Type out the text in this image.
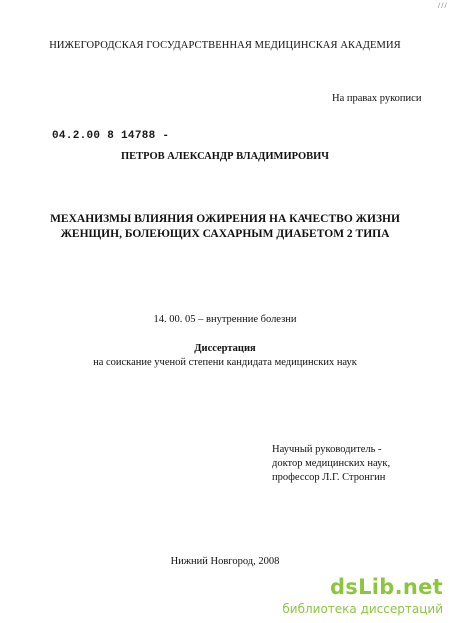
///
НИЖЕГОРОДСКАЯ ГОСУДАРСТВЕННАЯ МЕДИЦИНСКАЯ АКАДЕМИЯ
На правах рукописи
04.2.00 8 14788 -
ПЕТРОВ АЛЕКСАНДР ВЛАДИМИРОВИЧ
МЕХАНИЗМЫ ВЛИЯНИЯ ОЖИРЕНИЯ НА КАЧЕСТВО ЖИЗНИ
ЖЕНЩИН, БОЛЕЮЩИХ САХАРНЫМ ДИАБЕТОМ 2 ТИПА
14. 00. 05 – внутренние болезни
Диссертация
на соискание ученой степени кандидата медицинских наук
Научный руководитель -
доктор медицинских наук,
профессор Л.Г. Стронгин
Нижний Новгород, 2008
dsLib.net
библиотека диссертаций
